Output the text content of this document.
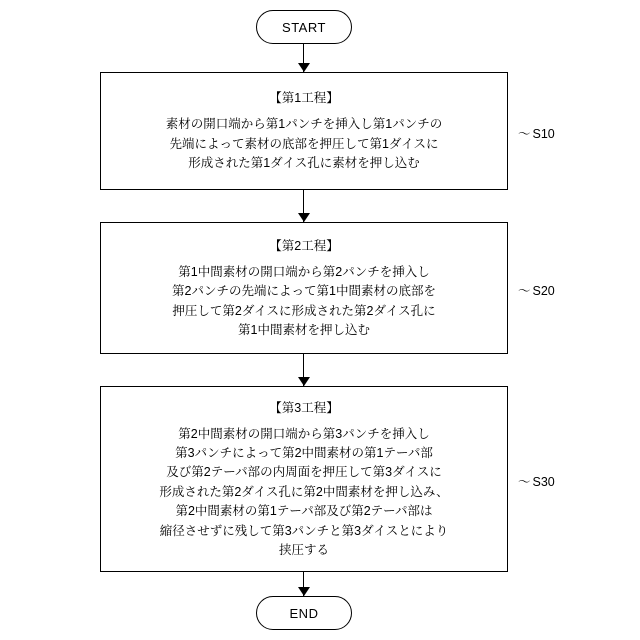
START
【第1工程】
素材の開口端から第1パンチを挿入し第1パンチの
先端によって素材の底部を押圧して第1ダイスに
形成された第1ダイス孔に素材を押し込む
〜 S10
【第2工程】
第1中間素材の開口端から第2パンチを挿入し
第2パンチの先端によって第1中間素材の底部を
押圧して第2ダイスに形成された第2ダイス孔に
第1中間素材を押し込む
〜 S20
【第3工程】
第2中間素材の開口端から第3パンチを挿入し
第3パンチによって第2中間素材の第1テーパ部
及び第2テーパ部の内周面を押圧して第3ダイスに
形成された第2ダイス孔に第2中間素材を押し込み、
第2中間素材の第1テーパ部及び第2テーパ部は
縮径させずに残して第3パンチと第3ダイスとにより
挟圧する
〜 S30
END
